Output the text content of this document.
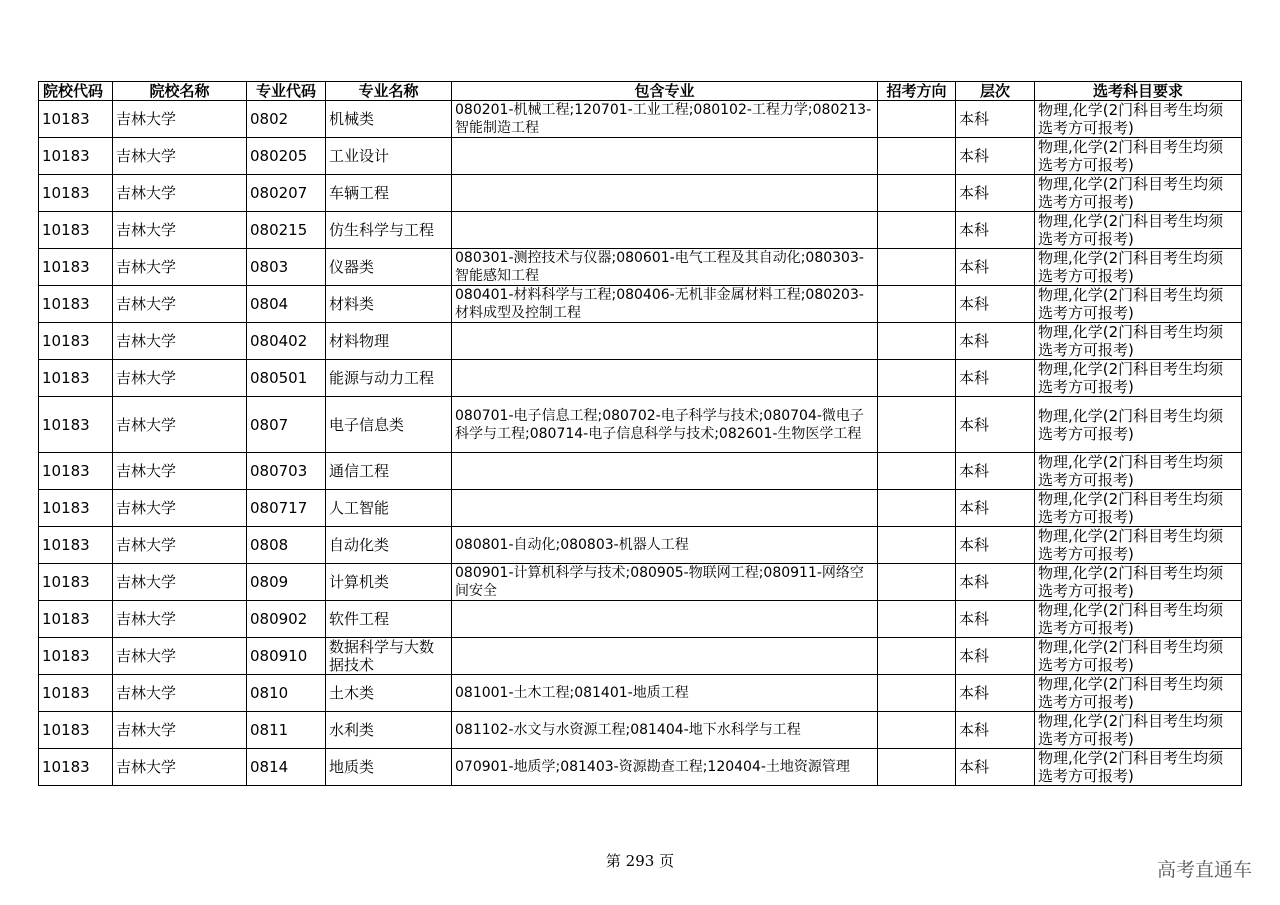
院校代码	院校名称	专业代码	专业名称	包含专业	招考方向	层次	选考科目要求
10183	吉林大学	0802	机械类	080201-机械工程;120701-工业工程;080102-工程力学;080213-智能制造工程		本科	物理,化学(2门科目考生均须选考方可报考)
10183	吉林大学	080205	工业设计			本科	物理,化学(2门科目考生均须选考方可报考)
10183	吉林大学	080207	车辆工程			本科	物理,化学(2门科目考生均须选考方可报考)
10183	吉林大学	080215	仿生科学与工程			本科	物理,化学(2门科目考生均须选考方可报考)
10183	吉林大学	0803	仪器类	080301-测控技术与仪器;080601-电气工程及其自动化;080303-智能感知工程		本科	物理,化学(2门科目考生均须选考方可报考)
10183	吉林大学	0804	材料类	080401-材料科学与工程;080406-无机非金属材料工程;080203-材料成型及控制工程		本科	物理,化学(2门科目考生均须选考方可报考)
10183	吉林大学	080402	材料物理			本科	物理,化学(2门科目考生均须选考方可报考)
10183	吉林大学	080501	能源与动力工程			本科	物理,化学(2门科目考生均须选考方可报考)
10183	吉林大学	0807	电子信息类	080701-电子信息工程;080702-电子科学与技术;080704-微电子科学与工程;080714-电子信息科学与技术;082601-生物医学工程		本科	物理,化学(2门科目考生均须选考方可报考)
10183	吉林大学	080703	通信工程			本科	物理,化学(2门科目考生均须选考方可报考)
10183	吉林大学	080717	人工智能			本科	物理,化学(2门科目考生均须选考方可报考)
10183	吉林大学	0808	自动化类	080801-自动化;080803-机器人工程		本科	物理,化学(2门科目考生均须选考方可报考)
10183	吉林大学	0809	计算机类	080901-计算机科学与技术;080905-物联网工程;080911-网络空间安全		本科	物理,化学(2门科目考生均须选考方可报考)
10183	吉林大学	080902	软件工程			本科	物理,化学(2门科目考生均须选考方可报考)
10183	吉林大学	080910	数据科学与大数据技术			本科	物理,化学(2门科目考生均须选考方可报考)
10183	吉林大学	0810	土木类	081001-土木工程;081401-地质工程		本科	物理,化学(2门科目考生均须选考方可报考)
10183	吉林大学	0811	水利类	081102-水文与水资源工程;081404-地下水科学与工程		本科	物理,化学(2门科目考生均须选考方可报考)
10183	吉林大学	0814	地质类	070901-地质学;081403-资源勘查工程;120404-土地资源管理		本科	物理,化学(2门科目考生均须选考方可报考)
第 293 页	高考直通车
